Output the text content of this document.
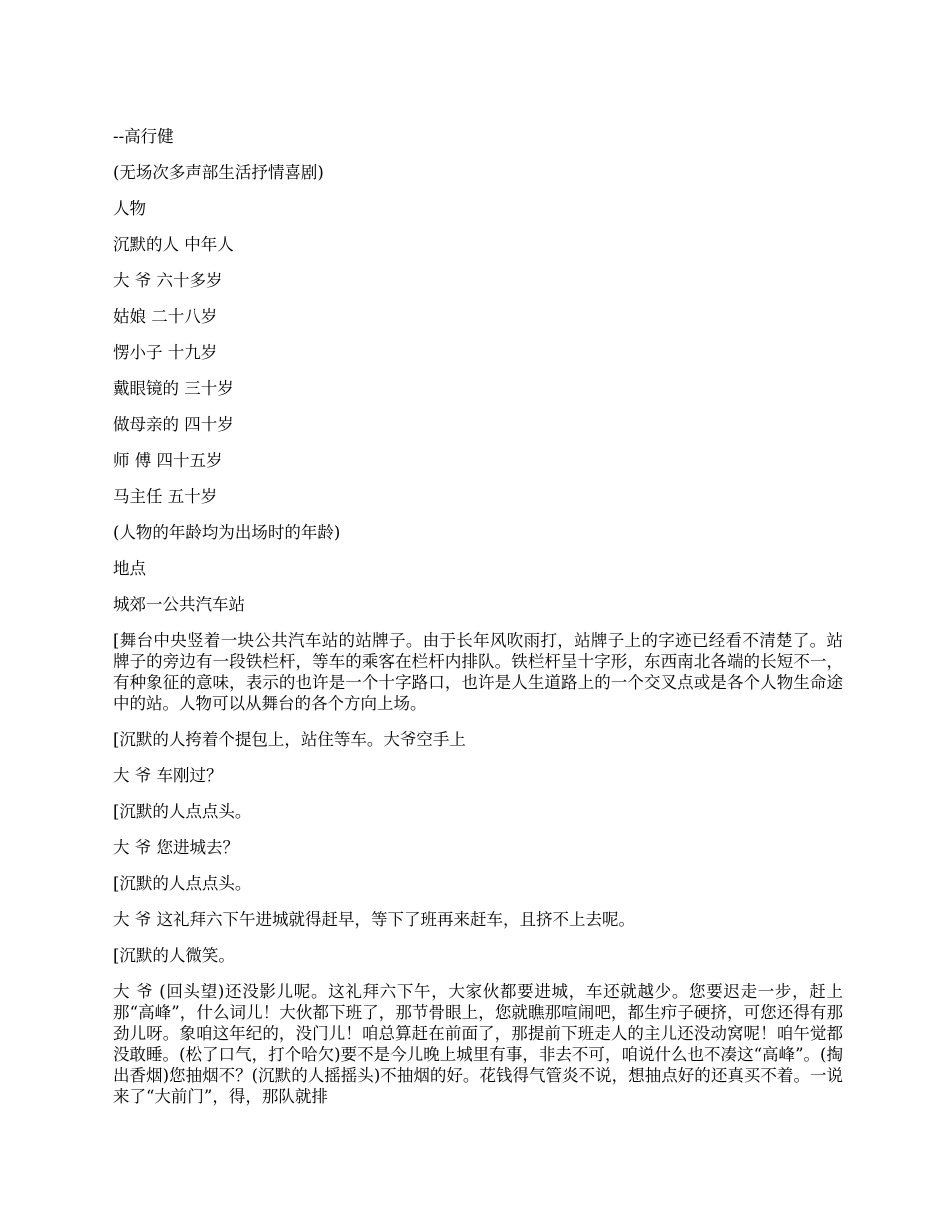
--高行健

(无场次多声部生活抒情喜剧)

人物

沉默的人 中年人

大 爷 六十多岁

姑娘 二十八岁

愣小子 十九岁

戴眼镜的 三十岁

做母亲的 四十岁

师 傅 四十五岁

马主任 五十岁

(人物的年龄均为出场时的年龄)

地点

城郊一公共汽车站

[舞台中央竖着一块公共汽车站的站牌子。由于长年风吹雨打，站牌子上的字迹已经看不清楚了。站牌子的旁边有一段铁栏杆，等车的乘客在栏杆内排队。铁栏杆呈十字形，东西南北各端的长短不一，有种象征的意味，表示的也许是一个十字路口，也许是人生道路上的一个交叉点或是各个人物生命途中的站。人物可以从舞台的各个方向上场。

[沉默的人挎着个提包上，站住等车。大爷空手上

大 爷 车刚过？

[沉默的人点点头。

大 爷 您进城去？

[沉默的人点点头。

大 爷 这礼拜六下午进城就得赶早，等下了班再来赶车，且挤不上去呢。

[沉默的人微笑。

大 爷 (回头望)还没影儿呢。这礼拜六下午，大家伙都要进城，车还就越少。您要迟走一步，赶上那“高峰”，什么词儿！大伙都下班了，那节骨眼上，您就瞧那喧闹吧，都生疖子硬挤，可您还得有那劲儿呀。象咱这年纪的，没门儿！咱总算赶在前面了，那提前下班走人的主儿还没动窝呢！咱午觉都没敢睡。(松了口气，打个哈欠)要不是今儿晚上城里有事，非去不可，咱说什么也不凑这“高峰”。(掏出香烟)您抽烟不？(沉默的人摇摇头)不抽烟的好。花钱得气管炎不说，想抽点好的还真买不着。一说来了“大前门”，得，那队就排
